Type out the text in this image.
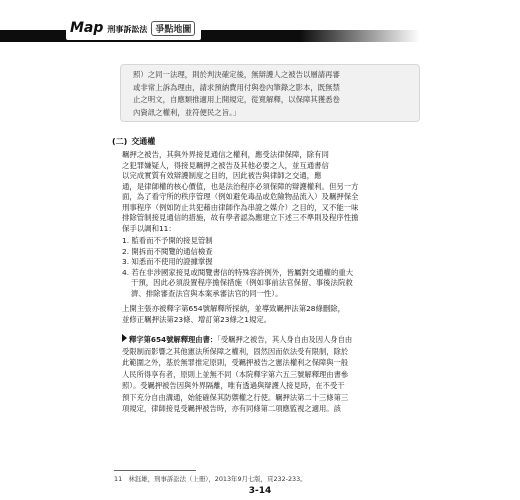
Map 刑事訴訟法 爭點地圖
照）之同一法理，則於判決確定後，無辯護人之被告以層請再審
或非常上訴為理由，請求預納費用付與卷內筆錄之影本，既無禁
止之明文，自應類推適用上開規定，從寬解釋，以保障其獲悉卷
內資訊之權利，並符便民之旨。」
(二) 交通權
羈押之被告，其與外界接見通信之權利，應受法律保障，除有同
之犯罪嫌疑人，得接見羈押之被告及其他必要之人，並互通書信
以完成實質有效辯護制度之目的，因此被告與律師之交通，應
通，是律師權的核心價值，也是法治程序必須保障的辯護權利。但另一方
面，為了看守所的秩序管理（例如避免毒品或危險物品流入）及羈押保全
刑事程序（例如防止共犯藉由律師作為串證之媒介）之目的，又不能一味
排除管制接見通信的措施，故有學者認為應建立下述三不準則及程序性擔
保手以調和11：
1. 監看而不予開的接見管制
2. 開拆而不閱覽的通信檢查
3. 知悉而不使用的證據掌握
4. 若在非涉國家接見或閱覽書信的特殊容許例外，皆屬對交通權的重大
干預，因此必須設置程序擔保措施（例如事前法官保留、事後法院救
濟、排除審查法官與本案承審法官的同一性）。
上開主張亦被釋字第654號解釋所採納，並導致羈押法第28條刪除，
並修正羈押法第23條、增訂第23條之1規定。
釋字第654號解釋理由書：「受羈押之被告，其人身自由及因人身自由
受限制而影響之其他憲法所保障之權利，固然因而依法受有限制，除於
此範圍之外，基於無罪推定原則，受羈押被告之憲法權利之保障與一般
人民所得享有者，原則上並無不同（本院釋字第六五三號解釋理由書參
照）。受羈押被告因與外界隔離，唯有透過與辯護人接見時，在不受干
預下充分自由溝通，始能確保其防禦權之行使。羈押法第二十三條第三
項規定，律師接見受羈押被告時，亦有同條第二項應監視之適用。該
11　林鈺雄，刑事訴訟法（上冊），2013年9月七版，頁232-233。
3-14
